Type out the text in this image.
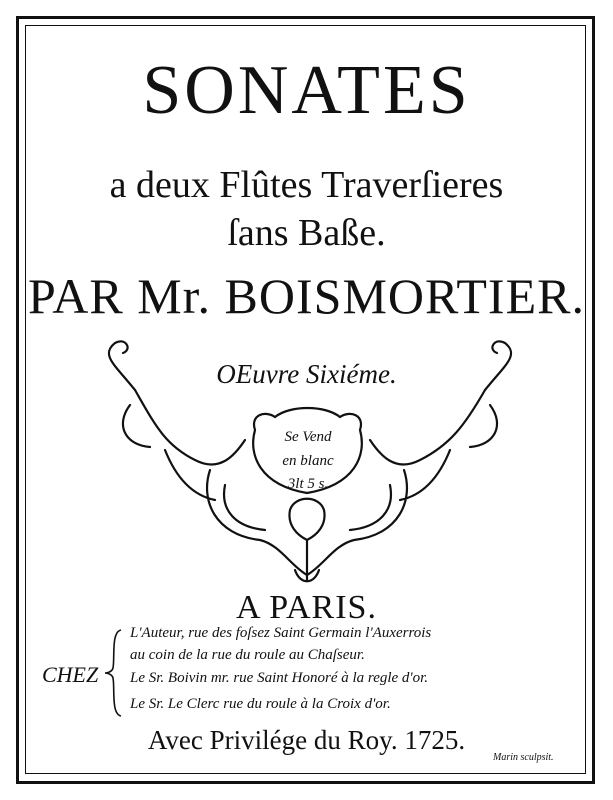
SONATES
a deux Flûtes Traverſieres
ſans Baße.
PAR Mr. BOISMORTIER.
OEuvre Sixiéme.
Se Vend
en blanc
3lt 5 s.
A PARIS.
CHEZ
L'Auteur, rue des foſsez Saint Germain l'Auxerrois
au coin de la rue du roule au Chaſseur.
Le Sr. Boivin mr. rue Saint Honoré à la regle d'or.
Le Sr. Le Clerc rue du roule à la Croix d'or.
Avec Privilége du Roy. 1725.
Marin sculpsit.
